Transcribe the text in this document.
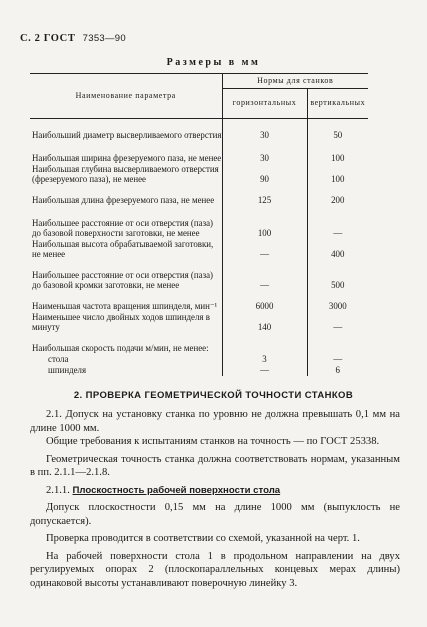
С. 2 ГОСТ 7353—90
Размеры в мм
Наименование параметра	Нормы для станков	
	горизонтальных	вертикальных
Наибольший диаметр высверливаемого отверстия	30	50
Наибольшая ширина фрезеруемого паза, не менее	30	100
Наибольшая глубина высверливаемого отверстия (фрезеруемого паза), не менее	90	100
Наибольшая длина фрезеруемого паза, не менее	125	200
Наибольшее расстояние от оси отверстия (паза) до базовой поверхности заготовки, не менее	100	—
Наибольшая высота обрабатываемой заготовки, не менее	—	400
Наибольшее расстояние от оси отверстия (паза) до базовой кромки заготовки, не менее	—	500
Наименьшая частота вращения шпинделя, мин⁻¹	6000	3000
Наименьшее число двойных ходов шпинделя в минуту	140	—
Наибольшая скорость подачи м/мин, не менее:		
стола	3	—
шпинделя	—	6
2. ПРОВЕРКА ГЕОМЕТРИЧЕСКОЙ ТОЧНОСТИ СТАНКОВ

2.1. Допуск на установку станка по уровню не должна превышать 0,1 мм на длине 1000 мм.

Общие требования к испытаниям станков на точность — по ГОСТ 25338.

Геометрическая точность станка должна соответствовать нормам, указанным в пп. 2.1.1—2.1.8.

2.1.1. Плоскостность рабочей поверхности стола

Допуск плоскостности 0,15 мм на длине 1000 мм (выпуклость не допускается).

Проверка проводится в соответствии со схемой, указанной на черт. 1.

На рабочей поверхности стола 1 в продольном направлении на двух регулируемых опорах 2 (плоскопараллельных концевых мерах длины) одинаковой высоты устанавливают поверочную линейку 3.
